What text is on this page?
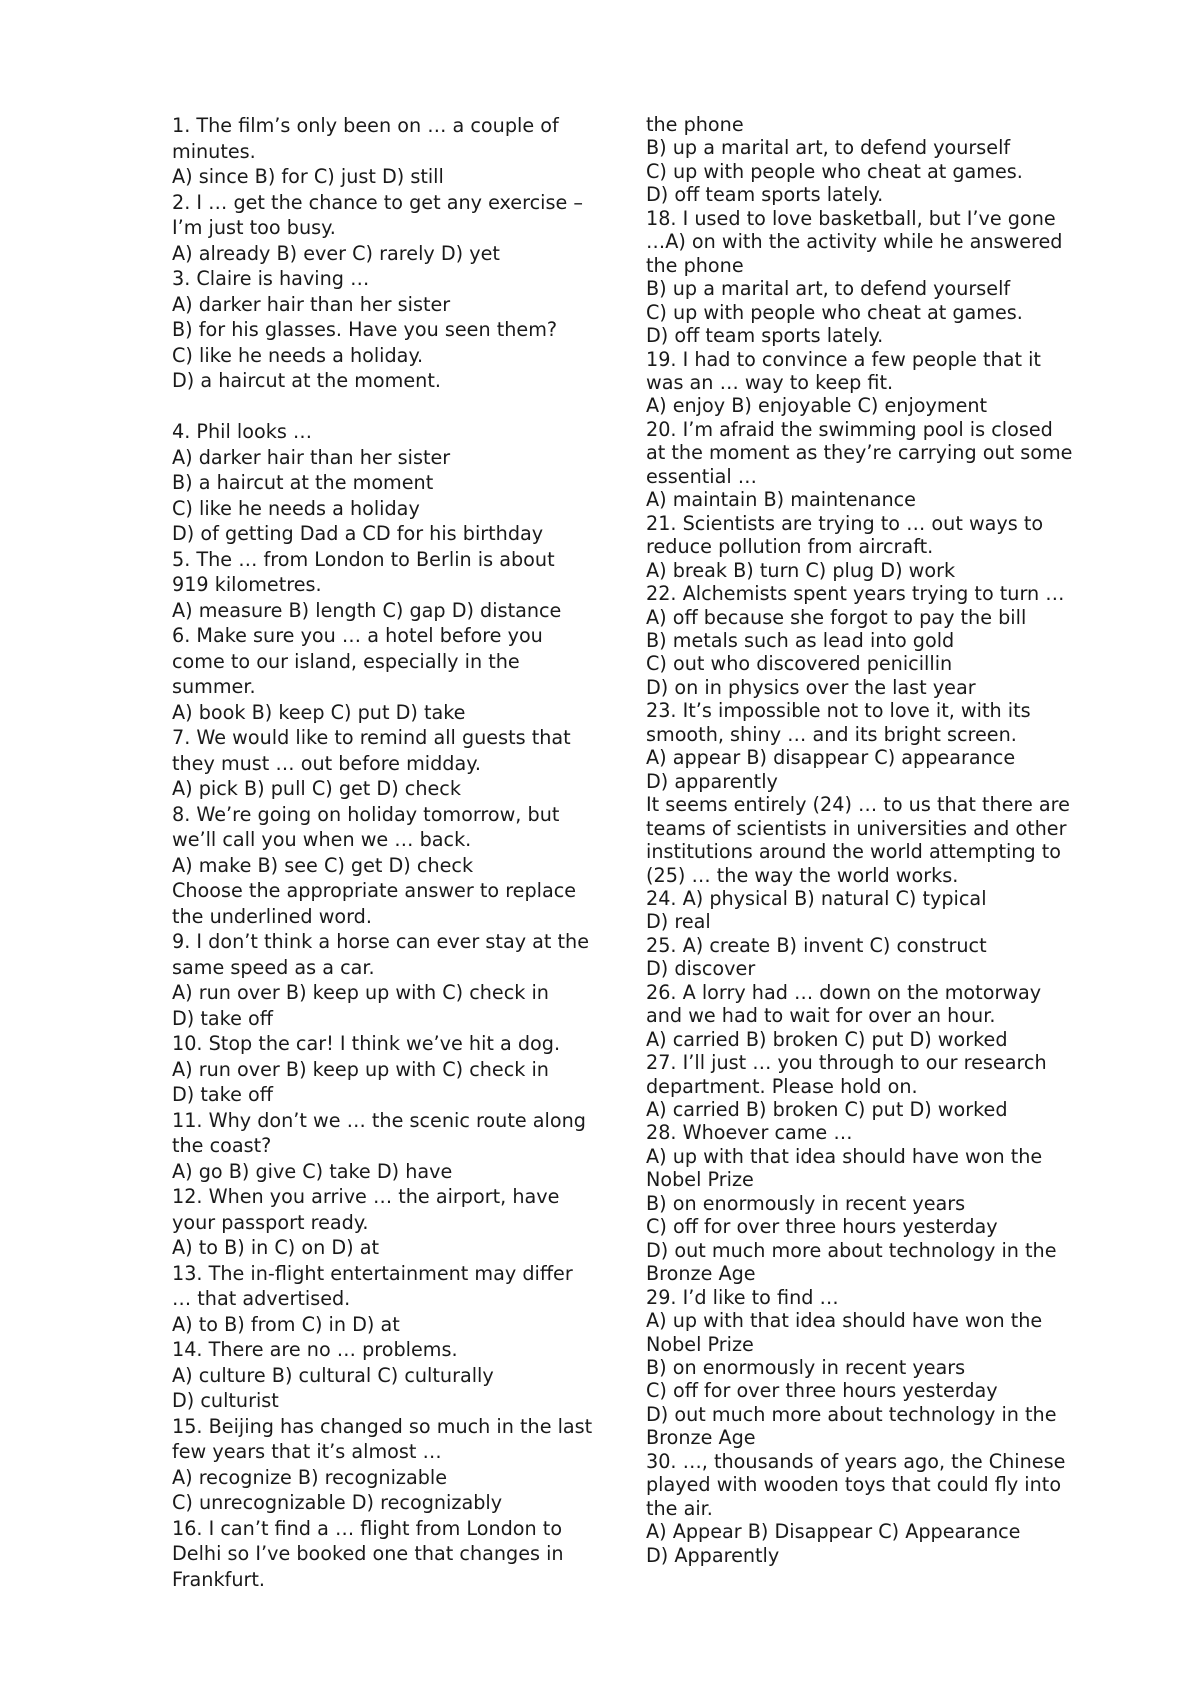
1. The film’s only been on … a couple of
minutes.
A) since B) for C) just D) still
2. I … get the chance to get any exercise –
I’m just too busy.
A) already B) ever C) rarely D) yet
3. Claire is having …
A) darker hair than her sister
B) for his glasses. Have you seen them?
C) like he needs a holiday.
D) a haircut at the moment.

4. Phil looks …
A) darker hair than her sister
B) a haircut at the moment
C) like he needs a holiday
D) of getting Dad a CD for his birthday
5. The … from London to Berlin is about
919 kilometres.
A) measure B) length C) gap D) distance
6. Make sure you … a hotel before you
come to our island, especially in the
summer.
A) book B) keep C) put D) take
7. We would like to remind all guests that
they must … out before midday.
A) pick B) pull C) get D) check
8. We’re going on holiday tomorrow, but
we’ll call you when we … back.
A) make B) see C) get D) check
Choose the appropriate answer to replace
the underlined word.
9. I don’t think a horse can ever stay at the
same speed as a car.
A) run over B) keep up with C) check in
D) take off
10. Stop the car! I think we’ve hit a dog.
A) run over B) keep up with C) check in
D) take off
11. Why don’t we … the scenic route along
the coast?
A) go B) give C) take D) have
12. When you arrive … the airport, have
your passport ready.
A) to B) in C) on D) at
13. The in-flight entertainment may differ
… that advertised.
A) to B) from C) in D) at
14. There are no … problems.
A) culture B) cultural C) culturally
D) culturist
15. Beijing has changed so much in the last
few years that it’s almost …
A) recognize B) recognizable
C) unrecognizable D) recognizably
16. I can’t find a … flight from London to
Delhi so I’ve booked one that changes in
Frankfurt.
the phone
B) up a marital art, to defend yourself
C) up with people who cheat at games.
D) off team sports lately.
18. I used to love basketball, but I’ve gone
…A) on with the activity while he answered
the phone
B) up a marital art, to defend yourself
C) up with people who cheat at games.
D) off team sports lately.
19. I had to convince a few people that it
was an … way to keep fit.
A) enjoy B) enjoyable C) enjoyment
20. I’m afraid the swimming pool is closed
at the moment as they’re carrying out some
essential …
A) maintain B) maintenance
21. Scientists are trying to … out ways to
reduce pollution from aircraft.
A) break B) turn C) plug D) work
22. Alchemists spent years trying to turn …
A) off because she forgot to pay the bill
B) metals such as lead into gold
C) out who discovered penicillin
D) on in physics over the last year
23. It’s impossible not to love it, with its
smooth, shiny … and its bright screen.
A) appear B) disappear C) appearance
D) apparently
It seems entirely (24) … to us that there are
teams of scientists in universities and other
institutions around the world attempting to
(25) … the way the world works.
24. A) physical B) natural C) typical
D) real
25. A) create B) invent C) construct
D) discover
26. A lorry had … down on the motorway
and we had to wait for over an hour.
A) carried B) broken C) put D) worked
27. I’ll just … you through to our research
department. Please hold on.
A) carried B) broken C) put D) worked
28. Whoever came …
A) up with that idea should have won the
Nobel Prize
B) on enormously in recent years
C) off for over three hours yesterday
D) out much more about technology in the
Bronze Age
29. I’d like to find …
A) up with that idea should have won the
Nobel Prize
B) on enormously in recent years
C) off for over three hours yesterday
D) out much more about technology in the
Bronze Age
30. …, thousands of years ago, the Chinese
played with wooden toys that could fly into
the air.
A) Appear B) Disappear C) Appearance
D) Apparently
